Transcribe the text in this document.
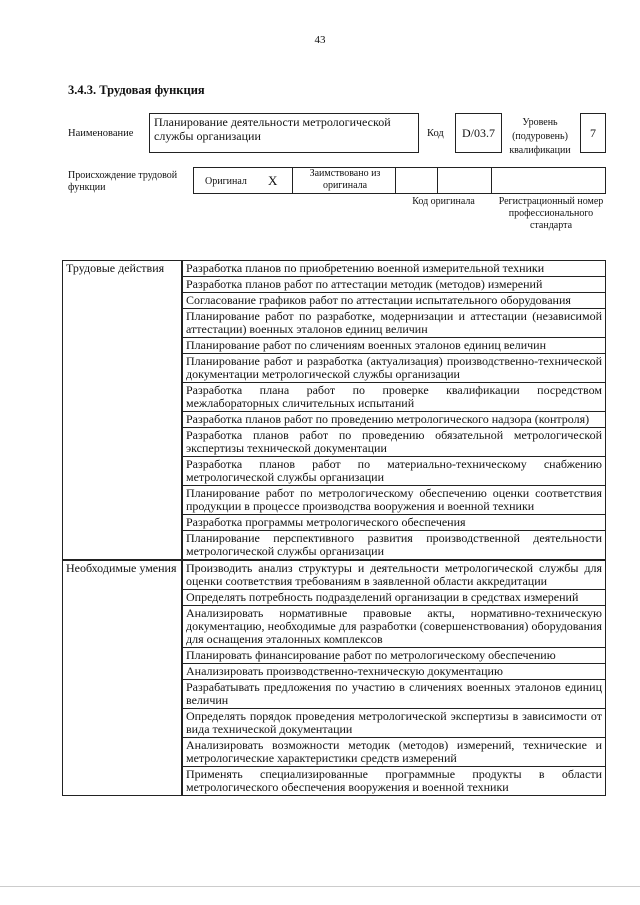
43
3.4.3. Трудовая функция
Наименование
Планирование деятельности метрологической службы организации	Код	D/03.7
Уровень (подуровень) квалификации
7
Происхождение трудовой функции
Оригинал X	Заимствовано из оригинала
Код оригинала	Регистрационный номер профессионального стандарта
Трудовые действия	Разработка планов по приобретению военной измерительной техники
	Разработка планов работ по аттестации методик (методов) измерений
	Согласование графиков работ по аттестации испытательного оборудования
	Планирование работ по разработке, модернизации и аттестации (независимой аттестации) военных эталонов единиц величин
	Планирование работ по сличениям военных эталонов единиц величин
	Планирование работ и разработка (актуализация) производственно-технической документации метрологической службы организации
	Разработка плана работ по проверке квалификации посредством межлабораторных сличительных испытаний
	Разработка планов работ по проведению метрологического надзора (контроля)
	Разработка планов работ по проведению обязательной метрологической экспертизы технической документации
	Разработка планов работ по материально-техническому снабжению метрологической службы организации
	Планирование работ по метрологическому обеспечению оценки соответствия продукции в процессе производства вооружения и военной техники
	Разработка программы метрологического обеспечения
	Планирование перспективного развития производственной деятельности метрологической службы организации
Необходимые умения	Производить анализ структуры и деятельности метрологической службы для оценки соответствия требованиям в заявленной области аккредитации
	Определять потребность подразделений организации в средствах измерений
	Анализировать нормативные правовые акты, нормативно-техническую документацию, необходимые для разработки (совершенствования) оборудования для оснащения эталонных комплексов
	Планировать финансирование работ по метрологическому обеспечению
	Анализировать производственно-техническую документацию
	Разрабатывать предложения по участию в сличениях военных эталонов единиц величин
	Определять порядок проведения метрологической экспертизы в зависимости от вида технической документации
	Анализировать возможности методик (методов) измерений, технические и метрологические характеристики средств измерений
	Применять специализированные программные продукты в области метрологического обеспечения вооружения и военной техники
